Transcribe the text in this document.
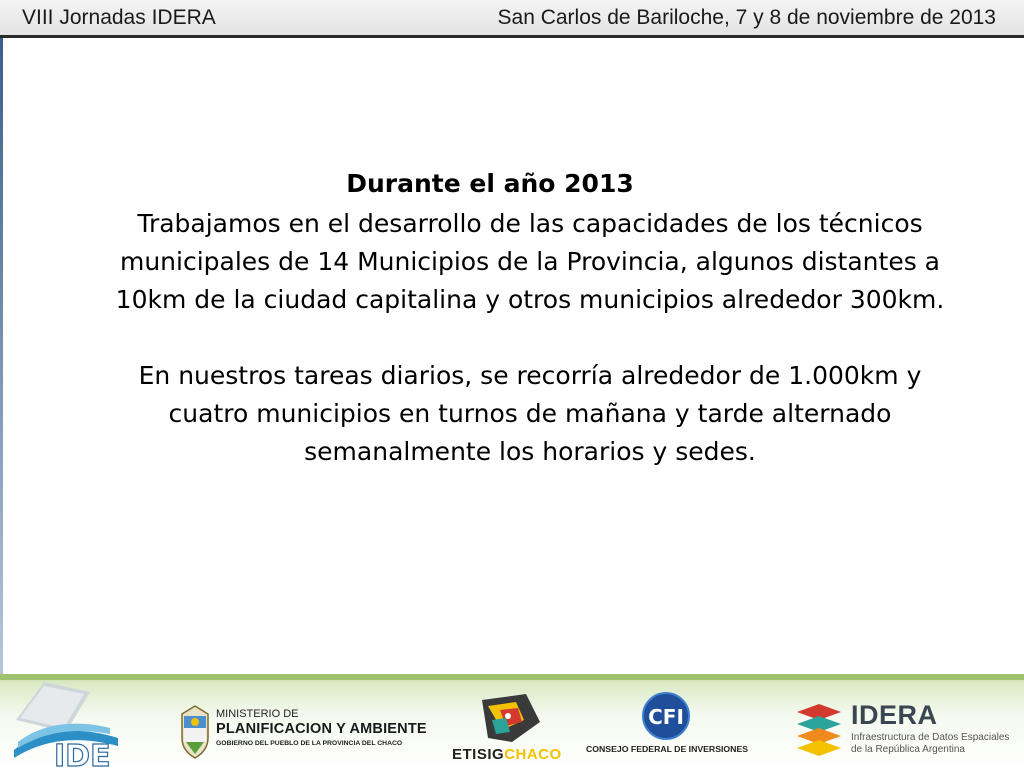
VIII Jornadas IDERA	San Carlos de Bariloche, 7 y 8 de noviembre de 2013
Durante el año 2013
Trabajamos en el desarrollo de las capacidades de los técnicos municipales de 14 Municipios de la Provincia, algunos distantes a 10km de la ciudad capitalina y otros municipios alrededor 300km.
En nuestros tareas diarios, se recorría alrededor de 1.000km y cuatro municipios en turnos de mañana y tarde alternado semanalmente los horarios y sedes.
IDE
MINISTERIO DE
PLANIFICACION Y AMBIENTE
GOBIERNO DEL PUEBLO DE LA PROVINCIA DEL CHACO
ETISIGCHACO
CFI
CONSEJO FEDERAL DE INVERSIONES
IDERA
Infraestructura de Datos Espaciales
de la República Argentina
